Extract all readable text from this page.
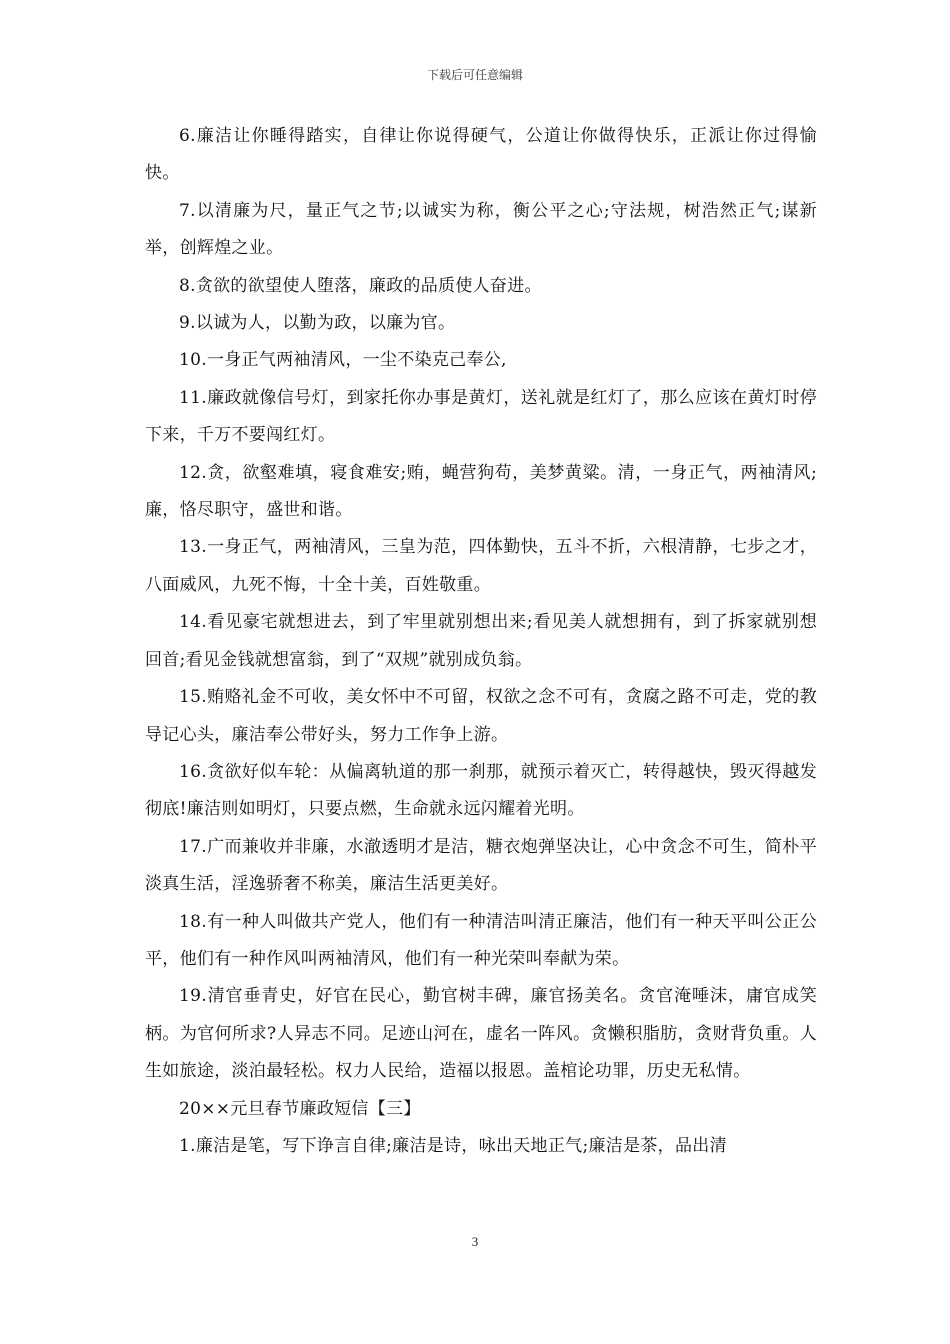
下载后可任意编辑

6.廉洁让你睡得踏实，自律让你说得硬气，公道让你做得快乐，正派让你过得愉快。

7.以清廉为尺，量正气之节;以诚实为称，衡公平之心;守法规，树浩然正气;谋新举，创辉煌之业。

8.贪欲的欲望使人堕落，廉政的品质使人奋进。

9.以诚为人，以勤为政，以廉为官。

10.一身正气两袖清风，一尘不染克己奉公,

11.廉政就像信号灯，到家托你办事是黄灯，送礼就是红灯了，那么应该在黄灯时停下来，千万不要闯红灯。

12.贪，欲壑难填，寝食难安;贿，蝇营狗苟，美梦黄粱。清，一身正气，两袖清风;廉，恪尽职守，盛世和谐。

13.一身正气，两袖清风，三皇为范，四体勤快，五斗不折，六根清静，七步之才，八面威风，九死不悔，十全十美，百姓敬重。

14.看见豪宅就想进去，到了牢里就别想出来;看见美人就想拥有，到了拆家就别想回首;看见金钱就想富翁，到了“双规”就别成负翁。

15.贿赂礼金不可收，美女怀中不可留，权欲之念不可有，贪腐之路不可走，党的教导记心头，廉洁奉公带好头，努力工作争上游。

16.贪欲好似车轮：从偏离轨道的那一刹那，就预示着灭亡，转得越快，毁灭得越发彻底!廉洁则如明灯，只要点燃，生命就永远闪耀着光明。

17.广而兼收并非廉，水澈透明才是洁，糖衣炮弹坚决让，心中贪念不可生，简朴平淡真生活，淫逸骄奢不称美，廉洁生活更美好。

18.有一种人叫做共产党人，他们有一种清洁叫清正廉洁，他们有一种天平叫公正公平，他们有一种作风叫两袖清风，他们有一种光荣叫奉献为荣。

19.清官垂青史，好官在民心，勤官树丰碑，廉官扬美名。贪官淹唾沫，庸官成笑柄。为官何所求?人异志不同。足迹山河在，虚名一阵风。贪懒积脂肪，贪财背负重。人生如旅途，淡泊最轻松。权力人民给，造福以报恩。盖棺论功罪，历史无私情。

20××元旦春节廉政短信【三】

1.廉洁是笔，写下诤言自律;廉洁是诗，咏出天地正气;廉洁是茶，品出清

3
